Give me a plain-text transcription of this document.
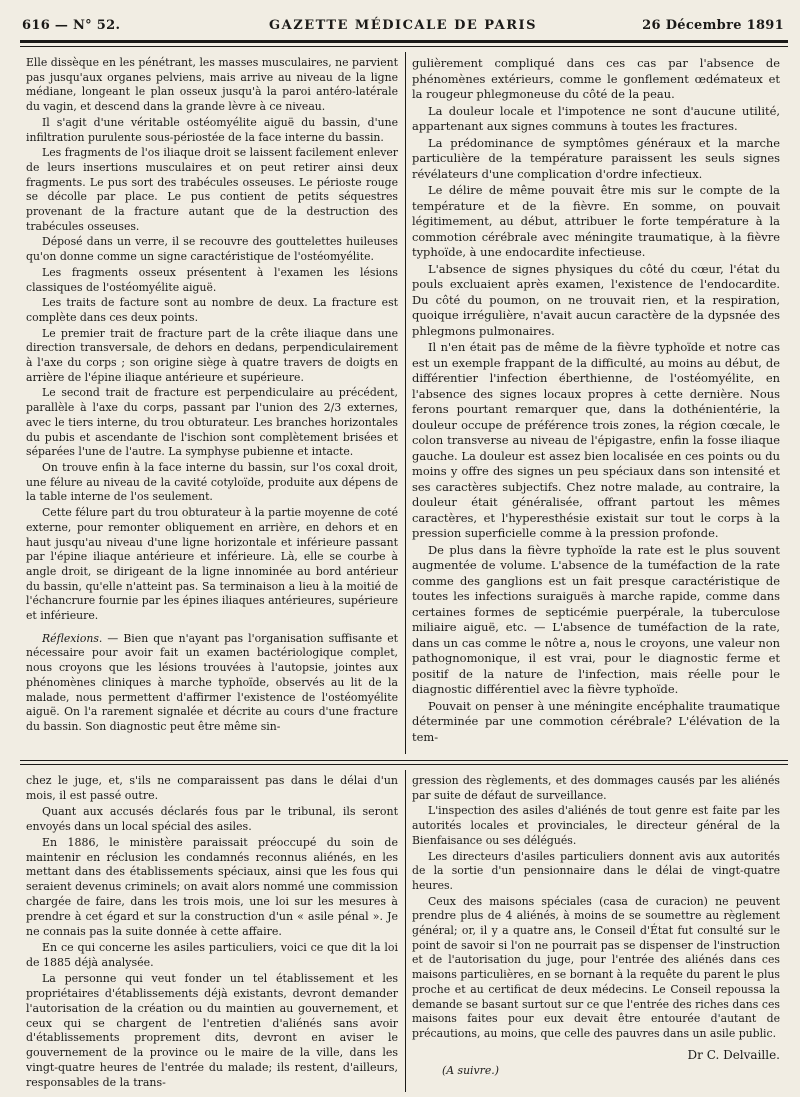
616 — N° 52.	GAZETTE MÉDICALE DE PARIS	26 Décembre 1891

Elle dissèque en les pénétrant, les masses musculaires, ne parvient pas jusqu'aux organes pelviens, mais arrive au niveau de la ligne médiane, longeant le plan osseux jusqu'à la paroi antéro-latérale du vagin, et descend dans la grande lèvre à ce niveau.

Il s'agit d'une véritable ostéomyélite aiguë du bassin, d'une infiltration purulente sous-périostée de la face interne du bassin.

Les fragments de l'os iliaque droit se laissent facilement enlever de leurs insertions musculaires et on peut retirer ainsi deux fragments. Le pus sort des trabécules osseuses. Le périoste rouge se décolle par place. Le pus contient de petits séquestres provenant de la fracture autant que de la destruction des trabécules osseuses.

Déposé dans un verre, il se recouvre des gouttelettes huileuses qu'on donne comme un signe caractéristique de l'ostéomyélite.

Les fragments osseux présentent à l'examen les lésions classiques de l'ostéomyélite aiguë.

Les traits de facture sont au nombre de deux. La fracture est complète dans ces deux points.

Le premier trait de fracture part de la crête iliaque dans une direction transversale, de dehors en dedans, perpendiculairement à l'axe du corps ; son origine siège à quatre travers de doigts en arrière de l'épine iliaque antérieure et supérieure.

Le second trait de fracture est perpendiculaire au précédent, parallèle à l'axe du corps, passant par l'union des 2/3 externes, avec le tiers interne, du trou obturateur. Les branches horizontales du pubis et ascendante de l'ischion sont complètement brisées et séparées l'une de l'autre. La symphyse pubienne et intacte.

On trouve enfin à la face interne du bassin, sur l'os coxal droit, une félure au niveau de la cavité cotyloïde, produite aux dépens de la table interne de l'os seulement.

Cette félure part du trou obturateur à la partie moyenne de coté externe, pour remonter obliquement en arrière, en dehors et en haut jusqu'au niveau d'une ligne horizontale et inférieure passant par l'épine iliaque antérieure et inférieure. Là, elle se courbe à angle droit, se dirigeant de la ligne innominée au bord antérieur du bassin, qu'elle n'atteint pas. Sa terminaison a lieu à la moitié de l'échancrure fournie par les épines iliaques antérieures, supérieure et inférieure.

Réflexions. — Bien que n'ayant pas l'organisation suffisante et nécessaire pour avoir fait un examen bactériologique complet, nous croyons que les lésions trouvées à l'autopsie, jointes aux phénomènes cliniques à marche typhoïde, observés au lit de la malade, nous permettent d'affirmer l'existence de l'ostéomyélite aiguë. On l'a rarement signalée et décrite au cours d'une fracture du bassin. Son diagnostic peut être même sin-

gulièrement compliqué dans ces cas par l'absence de phénomènes extérieurs, comme le gonflement œdémateux et la rougeur phlegmoneuse du côté de la peau.

La douleur locale et l'impotence ne sont d'aucune utilité, appartenant aux signes communs à toutes les fractures.

La prédominance de symptômes généraux et la marche particulière de la température paraissent les seuls signes révélateurs d'une complication d'ordre infectieux.

Le délire de même pouvait être mis sur le compte de la température et de la fièvre. En somme, on pouvait légitimement, au début, attribuer le forte température à la commotion cérébrale avec méningite traumatique, à la fièvre typhoïde, à une endocardite infectieuse.

L'absence de signes physiques du côté du cœur, l'état du pouls excluaient après examen, l'existence de l'endocardite. Du côté du poumon, on ne trouvait rien, et la respiration, quoique irrégulière, n'avait aucun caractère de la dypsnée des phlegmons pulmonaires.

Il n'en était pas de même de la fièvre typhoïde et notre cas est un exemple frappant de la difficulté, au moins au début, de différentier l'infection éberthienne, de l'ostéomyélite, en l'absence des signes locaux propres à cette dernière. Nous ferons pourtant remarquer que, dans la dothénientérie, la douleur occupe de préférence trois zones, la région cœcale, le colon transverse au niveau de l'épigastre, enfin la fosse iliaque gauche. La douleur est assez bien localisée en ces points ou du moins y offre des signes un peu spéciaux dans son intensité et ses caractères subjectifs. Chez notre malade, au contraire, la douleur était généralisée, offrant partout les mêmes caractères, et l'hyperesthésie existait sur tout le corps à la pression superficielle comme à la pression profonde.

De plus dans la fièvre typhoïde la rate est le plus souvent augmentée de volume. L'absence de la tuméfaction de la rate comme des ganglions est un fait presque caractéristique de toutes les infections suraiguës à marche rapide, comme dans certaines formes de septicémie puerpérale, la tuberculose miliaire aiguë, etc. — L'absence de tuméfaction de la rate, dans un cas comme le nôtre a, nous le croyons, une valeur non pathognomonique, il est vrai, pour le diagnostic ferme et positif de la nature de l'infection, mais réelle pour le diagnostic différentiel avec la fièvre typhoïde.

Pouvait on penser à une méningite encéphalite traumatique déterminée par une commotion cérébrale? L'élévation de la tem-

chez le juge, et, s'ils ne comparaissent pas dans le délai d'un mois, il est passé outre.

Quant aux accusés déclarés fous par le tribunal, ils seront envoyés dans un local spécial des asiles.

En 1886, le ministère paraissait préoccupé du soin de maintenir en réclusion les condamnés reconnus aliénés, en les mettant dans des établissements spéciaux, ainsi que les fous qui seraient devenus criminels; on avait alors nommé une commission chargée de faire, dans les trois mois, une loi sur les mesures à prendre à cet égard et sur la construction d'un « asile pénal ». Je ne connais pas la suite donnée à cette affaire.

En ce qui concerne les asiles particuliers, voici ce que dit la loi de 1885 déjà analysée.

La personne qui veut fonder un tel établissement et les propriétaires d'établissements déjà existants, devront demander l'autorisation de la création ou du maintien au gouvernement, et ceux qui se chargent de l'entretien d'aliénés sans avoir d'établissements proprement dits, devront en aviser le gouvernement de la province ou le maire de la ville, dans les vingt-quatre heures de l'entrée du malade; ils restent, d'ailleurs, responsables de la trans-

gression des règlements, et des dommages causés par les aliénés par suite de défaut de surveillance.

L'inspection des asiles d'aliénés de tout genre est faite par les autorités locales et provinciales, le directeur général de la Bienfaisance ou ses délégués.

Les directeurs d'asiles particuliers donnent avis aux autorités de la sortie d'un pensionnaire dans le délai de vingt-quatre heures.

Ceux des maisons spéciales (casa de curacion) ne peuvent prendre plus de 4 aliénés, à moins de se soumettre au règlement général; or, il y a quatre ans, le Conseil d'État fut consulté sur le point de savoir si l'on ne pourrait pas se dispenser de l'instruction et de l'autorisation du juge, pour l'entrée des aliénés dans ces maisons particulières, en se bornant à la requête du parent le plus proche et au certificat de deux médecins. Le Conseil repoussa la demande se basant surtout sur ce que l'entrée des riches dans ces maisons faites pour eux devait être entourée d'autant de précautions, au moins, que celle des pauvres dans un asile public.

Dr C. Delvaille.

(A suivre.)
